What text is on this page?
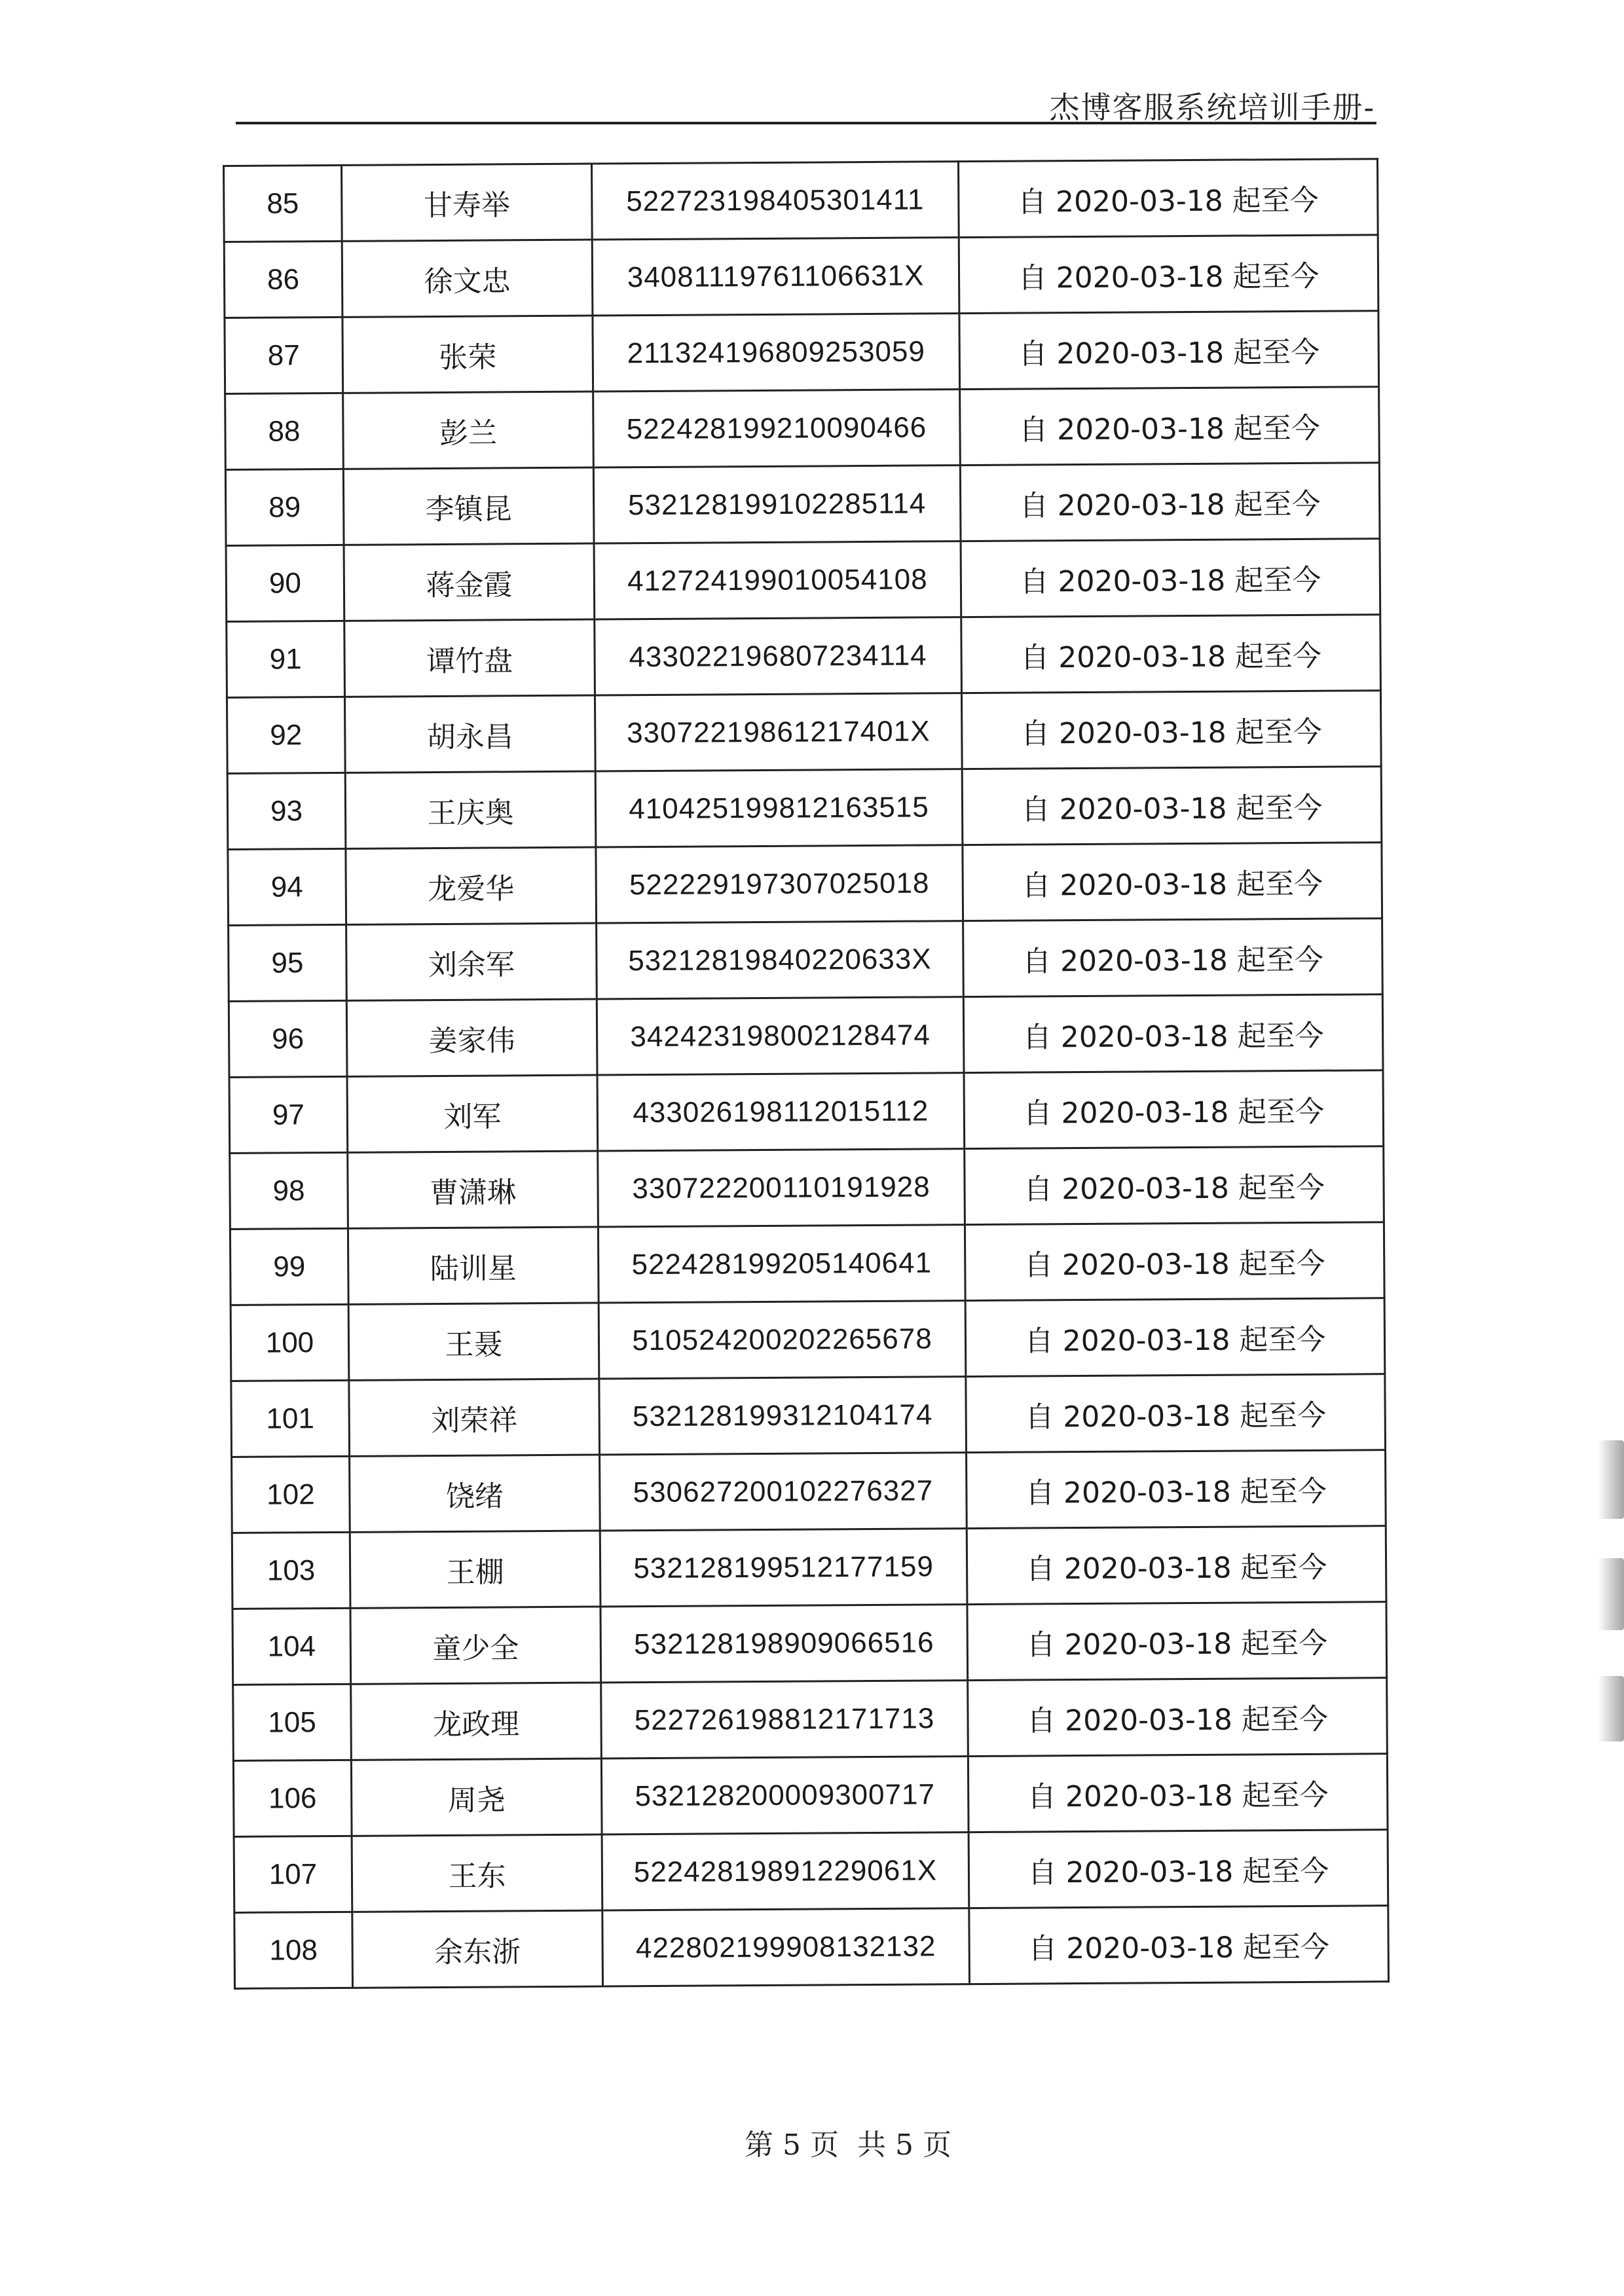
杰博客服系统培训手册-
85	甘寿举	522723198405301411	自 2020-03-18 起至今
86	徐文忠	34081119761106631X	自 2020-03-18 起至今
87	张荣	211324196809253059	自 2020-03-18 起至今
88	彭兰	522428199210090466	自 2020-03-18 起至今
89	李镇昆	532128199102285114	自 2020-03-18 起至今
90	蒋金霞	412724199010054108	自 2020-03-18 起至今
91	谭竹盘	433022196807234114	自 2020-03-18 起至今
92	胡永昌	33072219861217401X	自 2020-03-18 起至今
93	王庆奥	410425199812163515	自 2020-03-18 起至今
94	龙爱华	522229197307025018	自 2020-03-18 起至今
95	刘余军	53212819840220633X	自 2020-03-18 起至今
96	姜家伟	342423198002128474	自 2020-03-18 起至今
97	刘军	433026198112015112	自 2020-03-18 起至今
98	曹潇琳	330722200110191928	自 2020-03-18 起至今
99	陆训星	522428199205140641	自 2020-03-18 起至今
100	王聂	510524200202265678	自 2020-03-18 起至今
101	刘荣祥	532128199312104174	自 2020-03-18 起至今
102	饶绪	530627200102276327	自 2020-03-18 起至今
103	王棚	532128199512177159	自 2020-03-18 起至今
104	童少全	532128198909066516	自 2020-03-18 起至今
105	龙政理	522726198812171713	自 2020-03-18 起至今
106	周尧	532128200009300717	自 2020-03-18 起至今
107	王东	52242819891229061X	自 2020-03-18 起至今
108	余东浙	422802199908132132	自 2020-03-18 起至今
第 5 页  共 5 页
